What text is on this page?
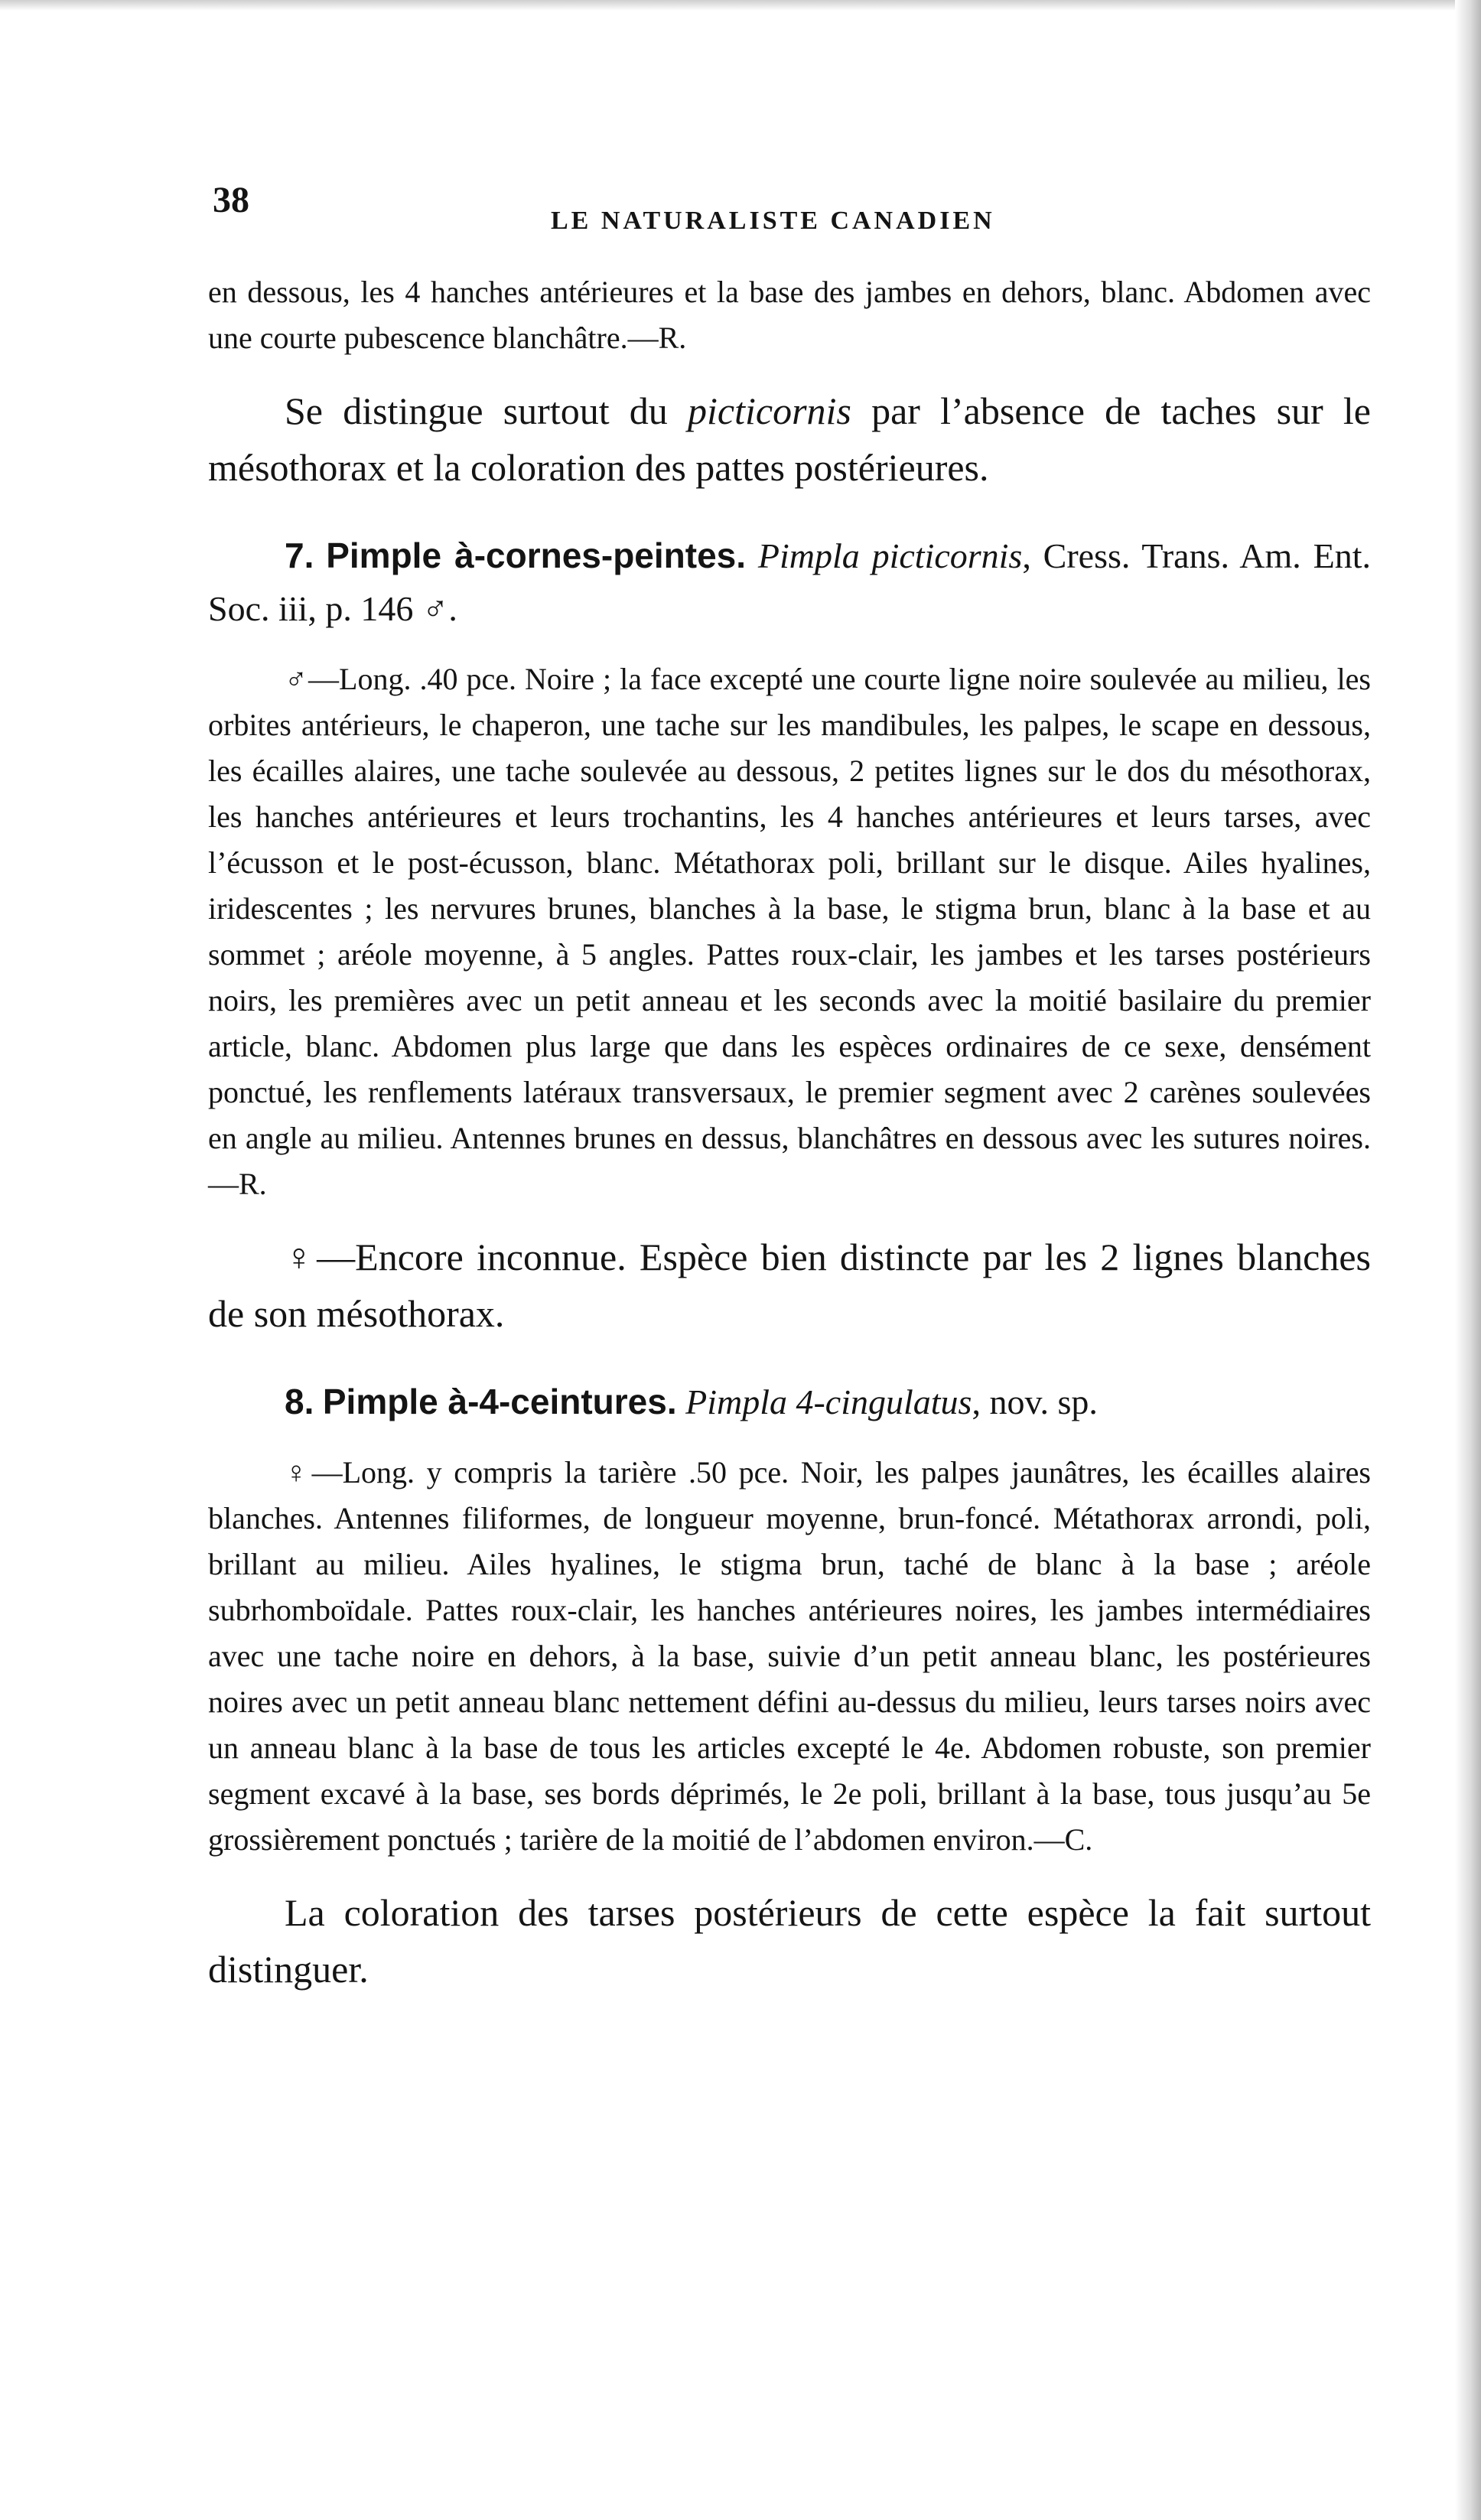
38
LE NATURALISTE CANADIEN

en dessous, les 4 hanches antérieures et la base des jambes en dehors, blanc. Abdomen avec une courte pubescence blanchâtre.—R.

Se distingue surtout du picticornis par l’absence de taches sur le mésothorax et la coloration des pattes postérieures.

7. Pimple à-cornes-peintes. Pimpla picticornis, Cress. Trans. Am. Ent. Soc. iii, p. 146 ♂.

♂—Long. .40 pce. Noire ; la face excepté une courte ligne noire soulevée au milieu, les orbites antérieurs, le chaperon, une tache sur les mandibules, les palpes, le scape en dessous, les écailles alaires, une tache soulevée au dessous, 2 petites lignes sur le dos du mésothorax, les hanches antérieures et leurs trochantins, les 4 hanches antérieures et leurs tarses, avec l’écusson et le post-écusson, blanc. Métathorax poli, brillant sur le disque. Ailes hyalines, iridescentes ; les nervures brunes, blanches à la base, le stigma brun, blanc à la base et au sommet ; aréole moyenne, à 5 angles. Pattes roux-clair, les jambes et les tarses postérieurs noirs, les premières avec un petit anneau et les seconds avec la moitié basilaire du premier article, blanc. Abdomen plus large que dans les espèces ordinaires de ce sexe, densément ponctué, les renflements latéraux transversaux, le premier segment avec 2 carènes soulevées en angle au milieu. Antennes brunes en dessus, blanchâtres en dessous avec les sutures noires.—R.

♀—Encore inconnue. Espèce bien distincte par les 2 lignes blanches de son mésothorax.

8. Pimple à-4-ceintures. Pimpla 4-cingulatus, nov. sp.

♀—Long. y compris la tarière .50 pce. Noir, les palpes jaunâtres, les écailles alaires blanches. Antennes filiformes, de longueur moyenne, brun-foncé. Métathorax arrondi, poli, brillant au milieu. Ailes hyalines, le stigma brun, taché de blanc à la base ; aréole subrhomboïdale. Pattes roux-clair, les hanches antérieures noires, les jambes intermédiaires avec une tache noire en dehors, à la base, suivie d’un petit anneau blanc, les postérieures noires avec un petit anneau blanc nettement défini au-dessus du milieu, leurs tarses noirs avec un anneau blanc à la base de tous les articles excepté le 4e. Abdomen robuste, son premier segment excavé à la base, ses bords déprimés, le 2e poli, brillant à la base, tous jusqu’au 5e grossièrement ponctués ; tarière de la moitié de l’abdomen environ.—C.

La coloration des tarses postérieurs de cette espèce la fait surtout distinguer.
